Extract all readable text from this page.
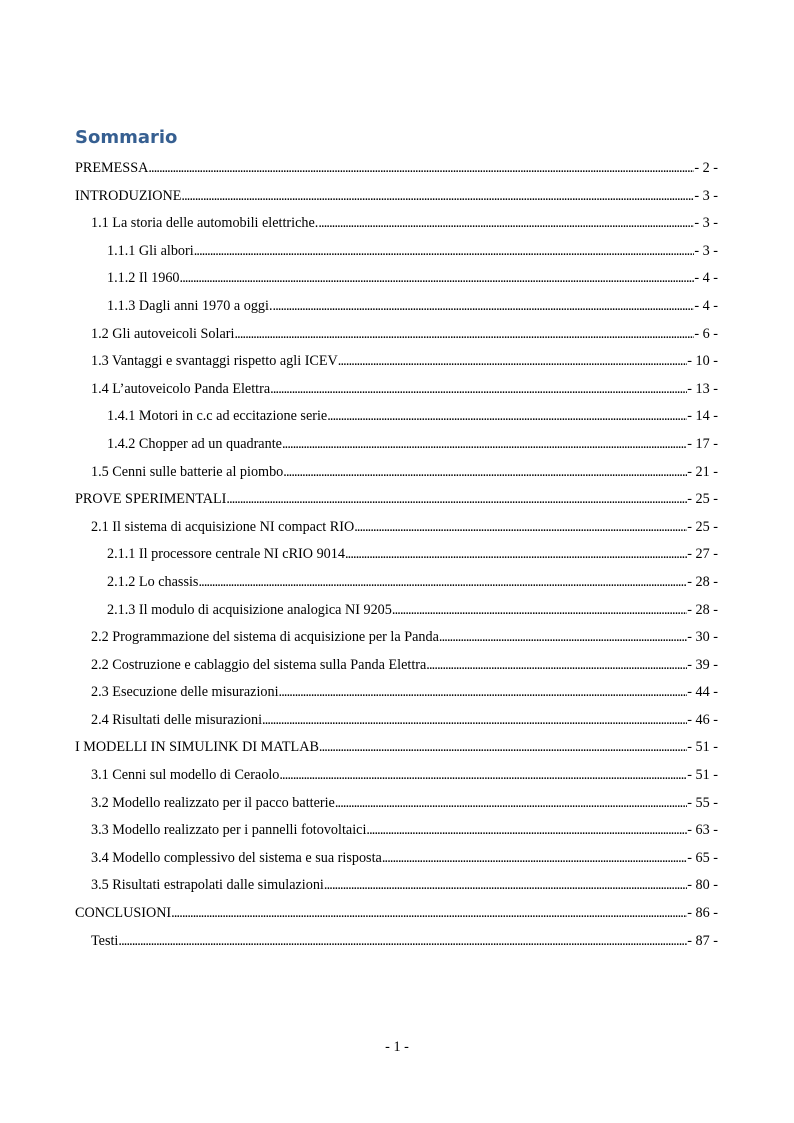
Sommario
PREMESSA . . .	- 2 -
INTRODUZIONE . . .	- 3 -
1.1 La storia delle automobili elettriche. . . .	- 3 -
1.1.1 Gli albori . . .	- 3 -
1.1.2 Il 1960 . . .	- 4 -
1.1.3 Dagli anni 1970 a oggi. . . .	- 4 -
1.2 Gli autoveicoli Solari . . .	- 6 -
1.3 Vantaggi e svantaggi rispetto agli ICEV . . .	- 10 -
1.4 L’autoveicolo Panda Elettra . . .	- 13 -
1.4.1 Motori in c.c ad eccitazione serie . . .	- 14 -
1.4.2 Chopper ad un quadrante . . .	- 17 -
1.5 Cenni sulle batterie al piombo . . .	- 21 -
PROVE SPERIMENTALI . . .	- 25 -
2.1 Il sistema di acquisizione NI compact RIO . . .	- 25 -
2.1.1 Il processore centrale NI cRIO 9014 . . .	- 27 -
2.1.2 Lo chassis . . .	- 28 -
2.1.3 Il modulo di acquisizione analogica NI 9205 . . .	- 28 -
2.2 Programmazione del sistema di acquisizione per la Panda . . .	- 30 -
2.2 Costruzione e cablaggio del sistema sulla Panda Elettra . . .	- 39 -
2.3 Esecuzione delle misurazioni . . .	- 44 -
2.4 Risultati delle misurazioni . . .	- 46 -
I MODELLI IN SIMULINK DI MATLAB . . .	- 51 -
3.1 Cenni sul modello di Ceraolo . . .	- 51 -
3.2 Modello realizzato per il pacco batterie . . .	- 55 -
3.3 Modello realizzato per i pannelli fotovoltaici . . .	- 63 -
3.4 Modello complessivo del sistema e sua risposta . . .	- 65 -
3.5 Risultati estrapolati dalle simulazioni . . .	- 80 -
CONCLUSIONI . . .	- 86 -
Testi . . .	- 87 -
- 1 -
